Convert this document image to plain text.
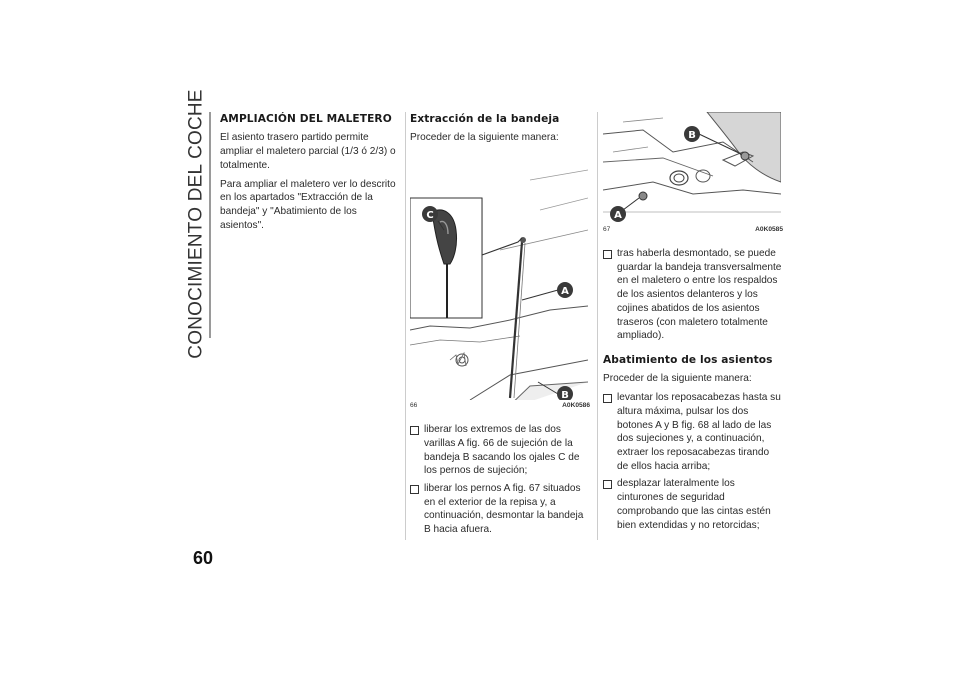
CONOCIMIENTO DEL COCHE
60
AMPLIACIÓN DEL MALETERO

El asiento trasero partido permite ampliar el maletero parcial (1/3 ó 2/3) o totalmente.

Para ampliar el maletero ver lo descrito en los apartados "Extracción de la bandeja" y "Abatimiento de los asientos".

Extracción de la bandeja

Proceder de la siguiente manera:

C
A
B
66	A0K0586
liberar los extremos de las dos varillas A fig. 66 de sujeción de la bandeja B sacando los ojales C de los pernos de sujeción;
liberar los pernos A fig. 67 situados en el exterior de la repisa y, a continuación, desmontar la bandeja B hacia afuera.
B
A
67	A0K0585
tras haberla desmontado, se puede guardar la bandeja transversalmente en el maletero o entre los respaldos de los asientos delanteros y los cojines abatidos de los asientos traseros (con maletero totalmente ampliado).
Abatimiento de los asientos

Proceder de la siguiente manera:

levantar los reposacabezas hasta su altura máxima, pulsar los dos botones A y B fig. 68 al lado de las dos sujeciones y, a continuación, extraer los reposacabezas tirando de ellos hacia arriba;
desplazar lateralmente los cinturones de seguridad comprobando que las cintas estén bien extendidas y no retorcidas;
